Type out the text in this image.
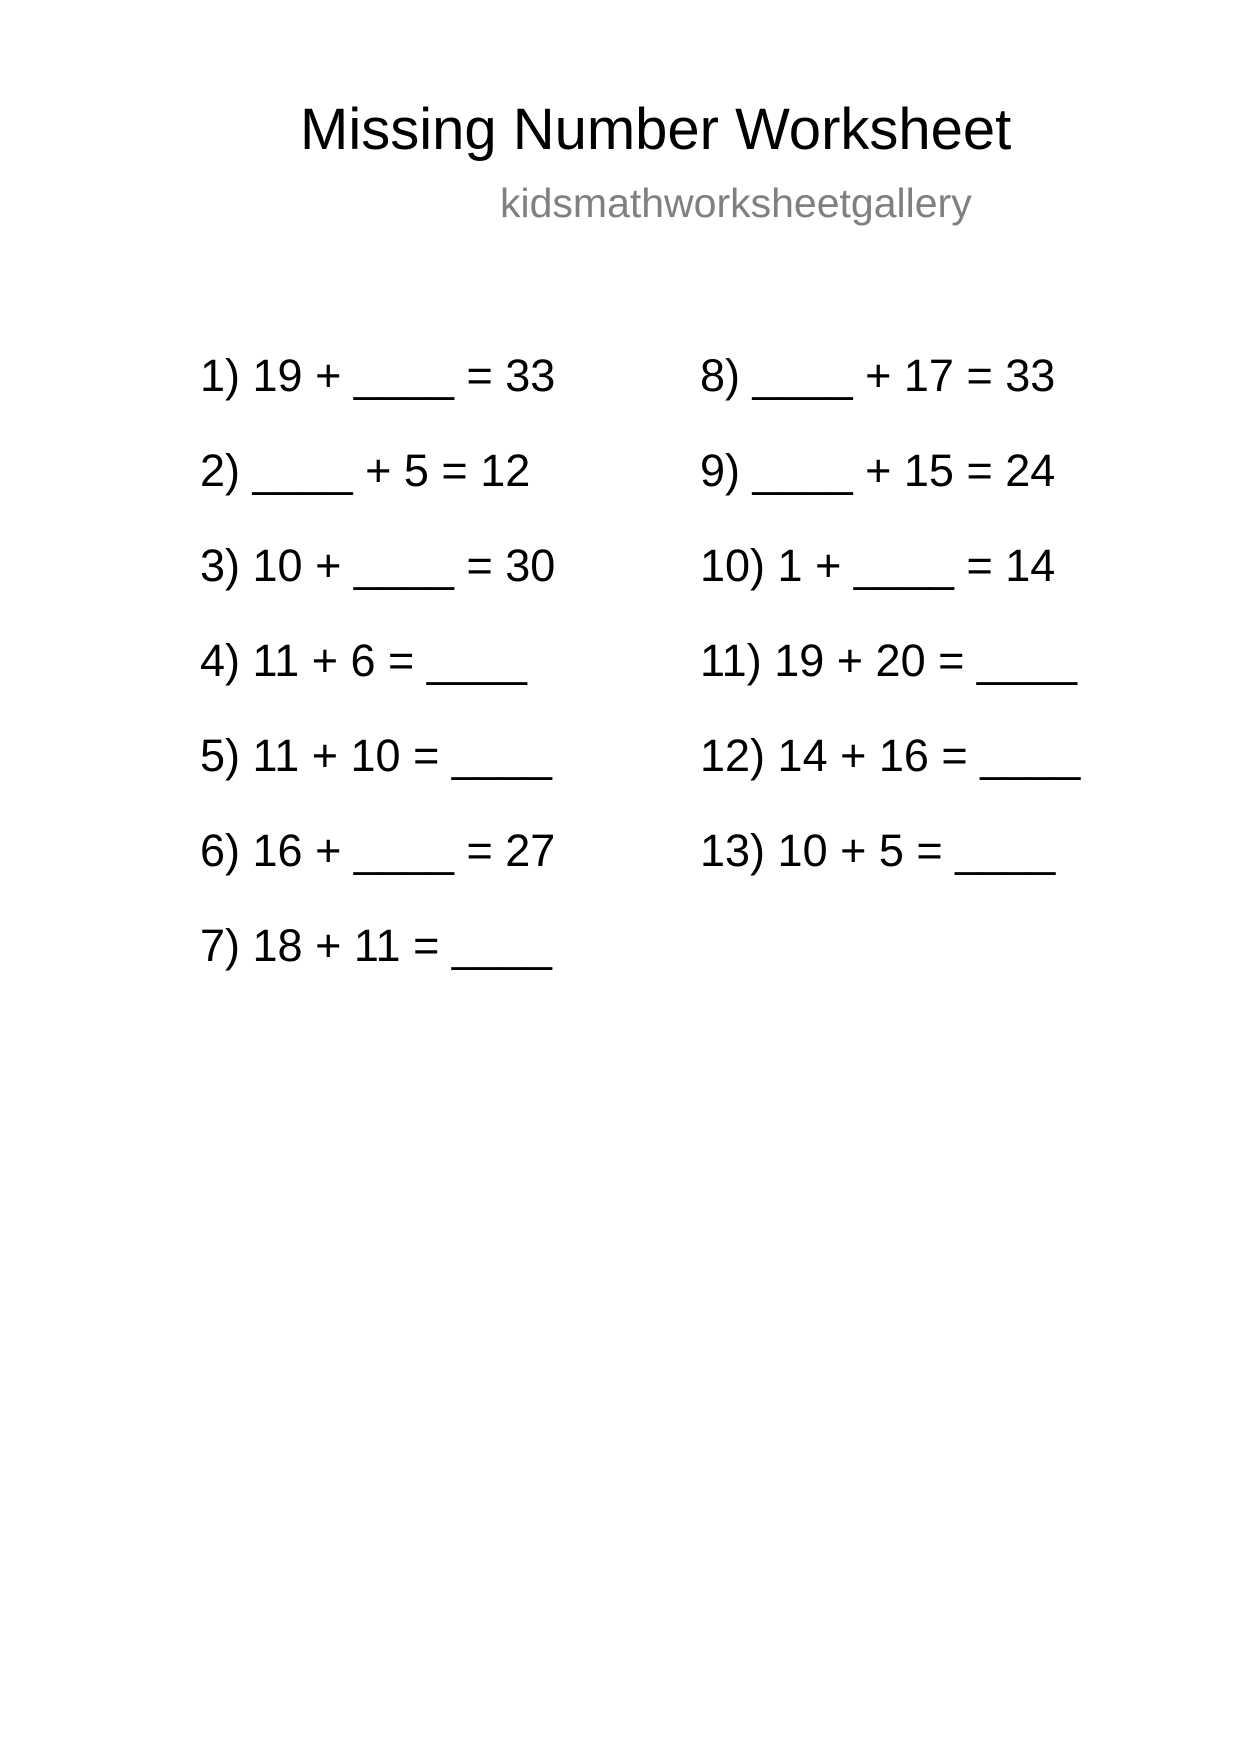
Missing Number Worksheet
kidsmathworksheetgallery
1) 19 + ____ = 33
2) ____ + 5 = 12
3) 10 + ____ = 30
4) 11 + 6 = ____
5) 11 + 10 = ____
6) 16 + ____ = 27
7) 18 + 11 = ____
8) ____ + 17 = 33
9) ____ + 15 = 24
10) 1 + ____ = 14
11) 19 + 20 = ____
12) 14 + 16 = ____
13) 10 + 5 = ____
